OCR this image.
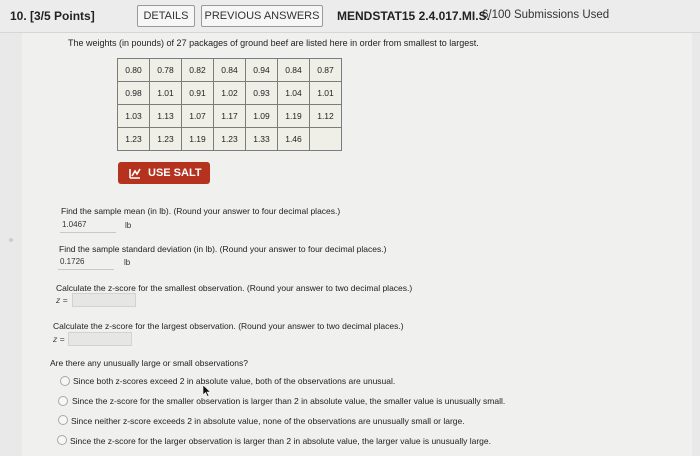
10. [3/5 Points]	DETAILS	PREVIOUS ANSWERS MENDSTAT15 2.4.017.MI.S.
6/100 Submissions Used
The weights (in pounds) of 27 packages of ground beef are listed here in order from smallest to largest.
0.80	0.78	0.82	0.84	0.94	0.84	0.87
0.98	1.01	0.91	1.02	0.93	1.04	1.01
1.03	1.13	1.07	1.17	1.09	1.19	1.12
1.23	1.23	1.19	1.23	1.33	1.46	
USE SALT
Find the sample mean (in lb). (Round your answer to four decimal places.)
1.0467	lb
Find the sample standard deviation (in lb). (Round your answer to four decimal places.)
0.1726	lb
Calculate the z-score for the smallest observation. (Round your answer to two decimal places.)
z =
Calculate the z-score for the largest observation. (Round your answer to two decimal places.)
z =
Are there any unusually large or small observations?
Since both z-scores exceed 2 in absolute value, both of the observations are unusual.
Since the z-score for the smaller observation is larger than 2 in absolute value, the smaller value is unusually small.
Since neither z-score exceeds 2 in absolute value, none of the observations are unusually small or large.
Since the z-score for the larger observation is larger than 2 in absolute value, the larger value is unusually large.
